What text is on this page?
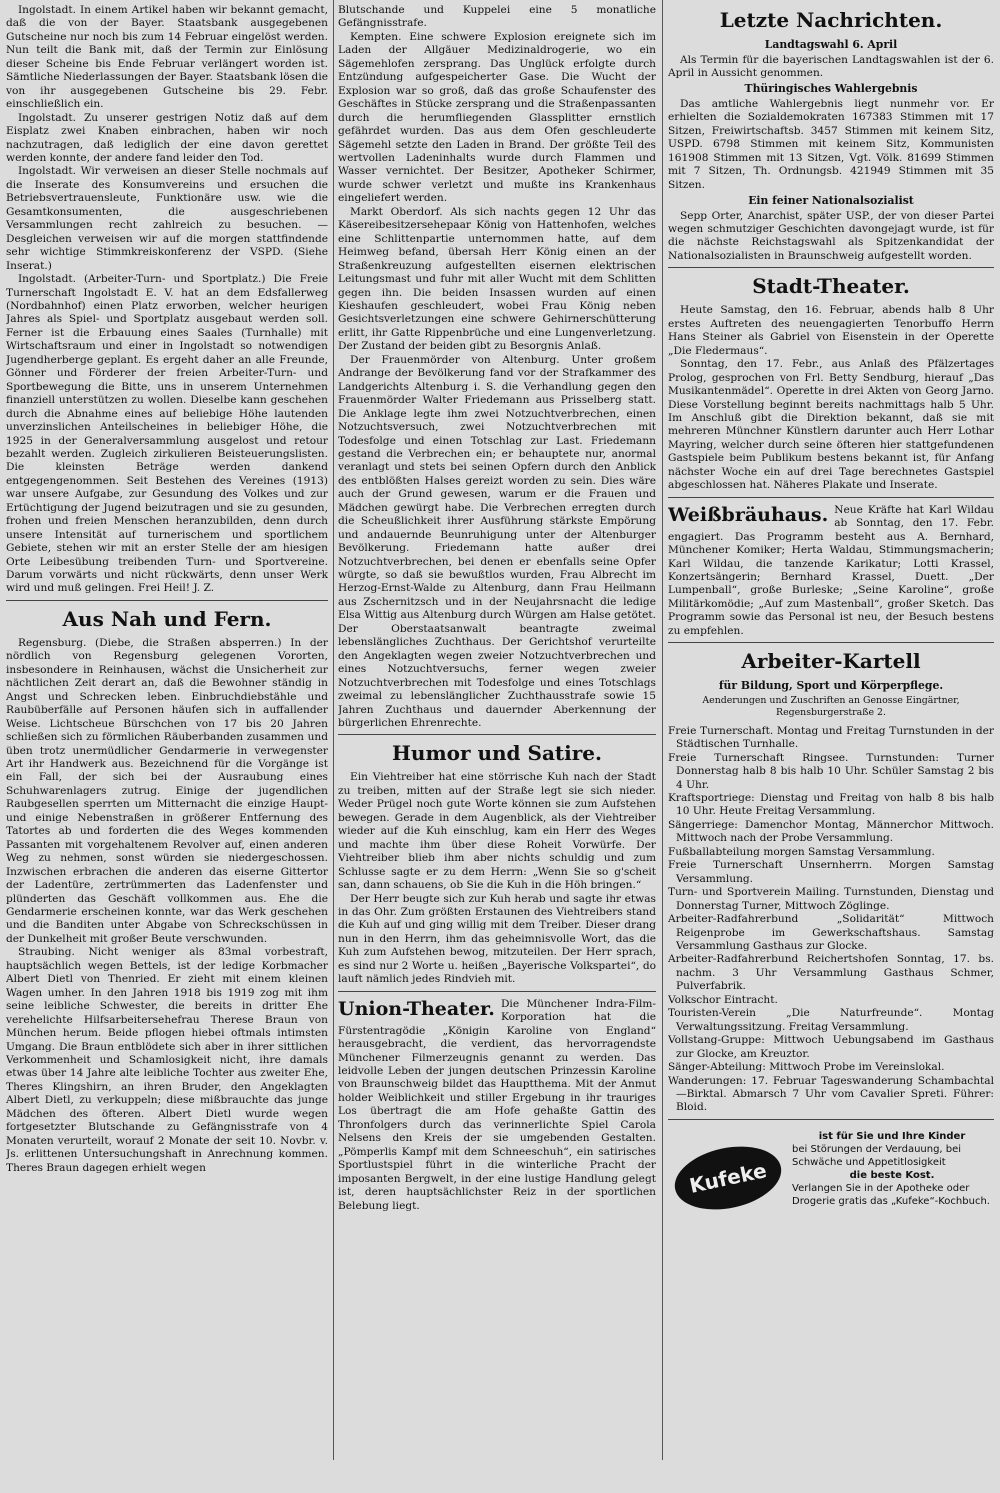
Ingolstadt. In einem Artikel haben wir bekannt gemacht, daß die von der Bayer. Staatsbank ausgegebenen Gutscheine nur noch bis zum 14 Februar eingelöst werden. Nun teilt die Bank mit, daß der Termin zur Einlösung dieser Scheine bis Ende Februar verlängert worden ist. Sämtliche Niederlassungen der Bayer. Staatsbank lösen die von ihr ausgegebenen Gutscheine bis 29. Febr. einschließlich ein.

Ingolstadt. Zu unserer gestrigen Notiz daß auf dem Eisplatz zwei Knaben einbrachen, haben wir noch nachzutragen, daß lediglich der eine davon gerettet werden konnte, der andere fand leider den Tod.

Ingolstadt. Wir verweisen an dieser Stelle nochmals auf die Inserate des Konsumvereins und ersuchen die Betriebsvertrauensleute, Funktionäre usw. wie die Gesamtkonsumenten, die ausgeschriebenen Versammlungen recht zahlreich zu besuchen. — Desgleichen verweisen wir auf die morgen stattfindende sehr wichtige Stimmkreiskonferenz der VSPD. (Siehe Inserat.)

Ingolstadt. (Arbeiter-Turn- und Sportplatz.) Die Freie Turnerschaft Ingolstadt E. V. hat an dem Edsfallerweg (Nordbahnhof) einen Platz erworben, welcher heurigen Jahres als Spiel- und Sportplatz ausgebaut werden soll. Ferner ist die Erbauung eines Saales (Turnhalle) mit Wirtschaftsraum und einer in Ingolstadt so notwendigen Jugendherberge geplant. Es ergeht daher an alle Freunde, Gönner und Förderer der freien Arbeiter-Turn- und Sportbewegung die Bitte, uns in unserem Unternehmen finanziell unterstützen zu wollen. Dieselbe kann geschehen durch die Abnahme eines auf beliebige Höhe lautenden unverzinslichen Anteilscheines in beliebiger Höhe, die 1925 in der Generalversammlung ausgelost und retour bezahlt werden. Zugleich zirkulieren Beisteuerungslisten. Die kleinsten Beträge werden dankend entgegengenommen. Seit Bestehen des Vereines (1913) war unsere Aufgabe, zur Gesundung des Volkes und zur Ertüchtigung der Jugend beizutragen und sie zu gesunden, frohen und freien Menschen heranzubilden, denn durch unsere Intensität auf turnerischem und sportlichem Gebiete, stehen wir mit an erster Stelle der am hiesigen Orte Leibesübung treibenden Turn- und Sportvereine. Darum vorwärts und nicht rückwärts, denn unser Werk wird und muß gelingen. Frei Heil! J. Z.

Aus Nah und Fern.

Regensburg. (Diebe, die Straßen absperren.) In der nördlich von Regensburg gelegenen Vororten, insbesondere in Reinhausen, wächst die Unsicherheit zur nächtlichen Zeit derart an, daß die Bewohner ständig in Angst und Schrecken leben. Einbruchdiebstähle und Raubüberfälle auf Personen häufen sich in auffallender Weise. Lichtscheue Bürschchen von 17 bis 20 Jahren schließen sich zu förmlichen Räuberbanden zusammen und üben trotz unermüdlicher Gendarmerie in verwegenster Art ihr Handwerk aus. Bezeichnend für die Vorgänge ist ein Fall, der sich bei der Ausraubung eines Schuhwarenlagers zutrug. Einige der jugendlichen Raubgesellen sperrten um Mitternacht die einzige Haupt- und einige Nebenstraßen in größerer Entfernung des Tatortes ab und forderten die des Weges kommenden Passanten mit vorgehaltenem Revolver auf, einen anderen Weg zu nehmen, sonst würden sie niedergeschossen. Inzwischen erbrachen die anderen das eiserne Gittertor der Ladentüre, zertrümmerten das Ladenfenster und plünderten das Geschäft vollkommen aus. Ehe die Gendarmerie erscheinen konnte, war das Werk geschehen und die Banditen unter Abgabe von Schreckschüssen in der Dunkelheit mit großer Beute verschwunden.

Straubing. Nicht weniger als 83mal vorbestraft, hauptsächlich wegen Bettels, ist der ledige Korbmacher Albert Dietl von Thenried. Er zieht mit einem kleinen Wagen umher. In den Jahren 1918 bis 1919 zog mit ihm seine leibliche Schwester, die bereits in dritter Ehe verehelichte Hilfsarbeitersehefrau Therese Braun von München herum. Beide pflogen hiebei oftmals intimsten Umgang. Die Braun entblödete sich aber in ihrer sittlichen Verkommenheit und Schamlosigkeit nicht, ihre damals etwas über 14 Jahre alte leibliche Tochter aus zweiter Ehe, Theres Klingshirn, an ihren Bruder, den Angeklagten Albert Dietl, zu verkuppeln; diese mißbrauchte das junge Mädchen des öfteren. Albert Dietl wurde wegen fortgesetzter Blutschande zu Gefängnisstrafe von 4 Monaten verurteilt, worauf 2 Monate der seit 10. Novbr. v. Js. erlittenen Untersuchungshaft in Anrechnung kommen. Theres Braun dagegen erhielt wegen

Blutschande und Kuppelei eine 5 monatliche Gefängnisstrafe.

Kempten. Eine schwere Explosion ereignete sich im Laden der Allgäuer Medizinaldrogerie, wo ein Sägemehlofen zersprang. Das Unglück erfolgte durch Entzündung aufgespeicherter Gase. Die Wucht der Explosion war so groß, daß das große Schaufenster des Geschäftes in Stücke zersprang und die Straßenpassanten durch die herumfliegenden Glassplitter ernstlich gefährdet wurden. Das aus dem Ofen geschleuderte Sägemehl setzte den Laden in Brand. Der größte Teil des wertvollen Ladeninhalts wurde durch Flammen und Wasser vernichtet. Der Besitzer, Apotheker Schirmer, wurde schwer verletzt und mußte ins Krankenhaus eingeliefert werden.

Markt Oberdorf. Als sich nachts gegen 12 Uhr das Käsereibesitzersehepaar König von Hattenhofen, welches eine Schlittenpartie unternommen hatte, auf dem Heimweg befand, übersah Herr König einen an der Straßenkreuzung aufgestellten eisernen elektrischen Leitungsmast und fuhr mit aller Wucht mit dem Schlitten gegen ihn. Die beiden Insassen wurden auf einen Kieshaufen geschleudert, wobei Frau König neben Gesichtsverletzungen eine schwere Gehirnerschütterung erlitt, ihr Gatte Rippenbrüche und eine Lungenverletzung. Der Zustand der beiden gibt zu Besorgnis Anlaß.

Der Frauenmörder von Altenburg. Unter großem Andrange der Bevölkerung fand vor der Strafkammer des Landgerichts Altenburg i. S. die Verhandlung gegen den Frauenmörder Walter Friedemann aus Prisselberg statt. Die Anklage legte ihm zwei Notzuchtverbrechen, einen Notzuchtsversuch, zwei Notzuchtverbrechen mit Todesfolge und einen Totschlag zur Last. Friedemann gestand die Verbrechen ein; er behauptete nur, anormal veranlagt und stets bei seinen Opfern durch den Anblick des entblößten Halses gereizt worden zu sein. Dies wäre auch der Grund gewesen, warum er die Frauen und Mädchen gewürgt habe. Die Verbrechen erregten durch die Scheußlichkeit ihrer Ausführung stärkste Empörung und andauernde Beunruhigung unter der Altenburger Bevölkerung. Friedemann hatte außer drei Notzuchtverbrechen, bei denen er ebenfalls seine Opfer würgte, so daß sie bewußtlos wurden, Frau Albrecht im Herzog-Ernst-Walde zu Altenburg, dann Frau Heilmann aus Zschernitzsch und in der Neujahrsnacht die ledige Elsa Wittig aus Altenburg durch Würgen am Halse getötet. Der Oberstaatsanwalt beantragte zweimal lebenslängliches Zuchthaus. Der Gerichtshof verurteilte den Angeklagten wegen zweier Notzuchtverbrechen und eines Notzuchtversuchs, ferner wegen zweier Notzuchtverbrechen mit Todesfolge und eines Totschlags zweimal zu lebenslänglicher Zuchthausstrafe sowie 15 Jahren Zuchthaus und dauernder Aberkennung der bürgerlichen Ehrenrechte.

Humor und Satire.

Ein Viehtreiber hat eine störrische Kuh nach der Stadt zu treiben, mitten auf der Straße legt sie sich nieder. Weder Prügel noch gute Worte können sie zum Aufstehen bewegen. Gerade in dem Augenblick, als der Viehtreiber wieder auf die Kuh einschlug, kam ein Herr des Weges und machte ihm über diese Roheit Vorwürfe. Der Viehtreiber blieb ihm aber nichts schuldig und zum Schlusse sagte er zu dem Herrn: „Wenn Sie so g'scheit san, dann schauens, ob Sie die Kuh in die Höh bringen.“

Der Herr beugte sich zur Kuh herab und sagte ihr etwas in das Ohr. Zum größten Erstaunen des Viehtreibers stand die Kuh auf und ging willig mit dem Treiber. Dieser drang nun in den Herrn, ihm das geheimnisvolle Wort, das die Kuh zum Aufstehen bewog, mitzuteilen. Der Herr sprach, es sind nur 2 Worte u. heißen „Bayerische Volkspartei“, do lauft nämlich jedes Rindvieh mit.

Union-Theater. Die Münchener Indra-Film-Korporation hat die Fürstentragödie „Königin Karoline von England“ herausgebracht, die verdient, das hervorragendste Münchener Filmerzeugnis genannt zu werden. Das leidvolle Leben der jungen deutschen Prinzessin Karoline von Braunschweig bildet das Hauptthema. Mit der Anmut holder Weiblichkeit und stiller Ergebung in ihr trauriges Los übertragt die am Hofe gehaßte Gattin des Thronfolgers durch das verinnerlichte Spiel Carola Nelsens den Kreis der sie umgebenden Gestalten. „Pömperlis Kampf mit dem Schneeschuh“, ein satirisches Sportlustspiel führt in die winterliche Pracht der imposanten Bergwelt, in der eine lustige Handlung gelegt ist, deren hauptsächlichster Reiz in der sportlichen Belebung liegt.

Letzte Nachrichten.
Landtagswahl 6. April

Als Termin für die bayerischen Landtagswahlen ist der 6. April in Aussicht genommen.

Thüringisches Wahlergebnis

Das amtliche Wahlergebnis liegt nunmehr vor. Er erhielten die Sozialdemokraten 167383 Stimmen mit 17 Sitzen, Freiwirtschaftsb. 3457 Stimmen mit keinem Sitz, USPD. 6798 Stimmen mit keinem Sitz, Kommunisten 161908 Stimmen mit 13 Sitzen, Vgt. Völk. 81699 Stimmen mit 7 Sitzen, Th. Ordnungsb. 421949 Stimmen mit 35 Sitzen.

Ein feiner Nationalsozialist

Sepp Orter, Anarchist, später USP., der von dieser Partei wegen schmutziger Geschichten davongejagt wurde, ist für die nächste Reichstagswahl als Spitzenkandidat der Nationalsozialisten in Braunschweig aufgestellt worden.

Stadt-Theater.

Heute Samstag, den 16. Februar, abends halb 8 Uhr erstes Auftreten des neuengagierten Tenorbuffo Herrn Hans Steiner als Gabriel von Eisenstein in der Operette „Die Fledermaus“.

Sonntag, den 17. Febr., aus Anlaß des Pfälzertages Prolog, gesprochen von Frl. Betty Sendburg, hierauf „Das Musikantenmädel“. Operette in drei Akten von Georg Jarno. Diese Vorstellung beginnt bereits nachmittags halb 5 Uhr. Im Anschluß gibt die Direktion bekannt, daß sie mit mehreren Münchner Künstlern darunter auch Herr Lothar Mayring, welcher durch seine öfteren hier stattgefundenen Gastspiele beim Publikum bestens bekannt ist, für Anfang nächster Woche ein auf drei Tage berechnetes Gastspiel abgeschlossen hat. Näheres Plakate und Inserate.

Weißbräuhaus. Neue Kräfte hat Karl Wildau ab Sonntag, den 17. Febr. engagiert. Das Programm besteht aus A. Bernhard, Münchener Komiker; Herta Waldau, Stimmungsmacherin; Karl Wildau, die tanzende Karikatur; Lotti Krassel, Konzertsängerin; Bernhard Krassel, Duett. „Der Lumpenball“, große Burleske; „Seine Karoline“, große Militärkomödie; „Auf zum Mastenball“, großer Sketch. Das Programm sowie das Personal ist neu, der Besuch bestens zu empfehlen.

Arbeiter-Kartell
für Bildung, Sport und Körperpflege.

Aenderungen und Zuschriften an Genosse Eingärtner, Regensburgerstraße 2.

Freie Turnerschaft. Montag und Freitag Turnstunden in der Städtischen Turnhalle.

Freie Turnerschaft Ringsee. Turnstunden: Turner Donnerstag halb 8 bis halb 10 Uhr. Schüler Samstag 2 bis 4 Uhr.

Kraftsportriege: Dienstag und Freitag von halb 8 bis halb 10 Uhr. Heute Freitag Versammlung.

Sängerriege: Damenchor Montag, Männerchor Mittwoch. Mittwoch nach der Probe Versammlung.

Fußballabteilung morgen Samstag Versammlung.

Freie Turnerschaft Unsernherrn. Morgen Samstag Versammlung.

Turn- und Sportverein Mailing. Turnstunden, Dienstag und Donnerstag Turner, Mittwoch Zöglinge.

Arbeiter-Radfahrerbund „Solidarität“ Mittwoch Reigenprobe im Gewerkschaftshaus. Samstag Versammlung Gasthaus zur Glocke.

Arbeiter-Radfahrerbund Reichertshofen Sonntag, 17. bs. nachm. 3 Uhr Versammlung Gasthaus Schmer, Pulverfabrik.

Volkschor Eintracht.

Touristen-Verein „Die Naturfreunde“. Montag Verwaltungssitzung. Freitag Versammlung.

Vollstang-Gruppe: Mittwoch Uebungsabend im Gasthaus zur Glocke, am Kreuztor.

Sänger-Abteilung: Mittwoch Probe im Vereinslokal.

Wanderungen: 17. Februar Tageswanderung Schambachtal—Birktal. Abmarsch 7 Uhr vom Cavalier Spreti. Führer: Bloid.

Kufeke

ist für Sie und Ihre Kinder

bei Störungen der Verdauung, bei Schwäche und Appetitlosigkeit

die beste Kost.

Verlangen Sie in der Apotheke oder Drogerie gratis das „Kufeke“-Kochbuch.
